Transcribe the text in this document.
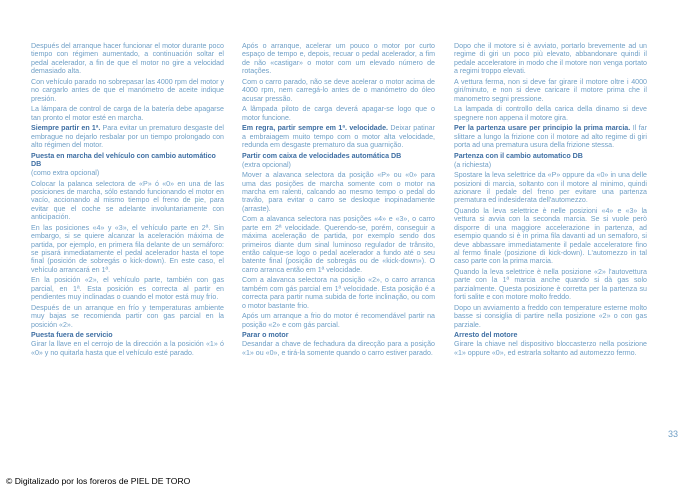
Después del arranque hacer funcionar el motor durante poco tiempo con régimen aumentado, a continuación soltar el pedal acelerador, a fin de que el motor no gire a velocidad demasiado alta.

Con vehículo parado no sobrepasar las 4000 rpm del motor y no cargarlo antes de que el manómetro de aceite indique presión.

La lámpara de control de carga de la batería debe apagarse tan pronto el motor esté en marcha.

Siempre partir en 1ª. Para evitar un prematuro desgaste del embrague no dejarlo resbalar por un tiempo prolongado con alto régimen del motor.

Puesta en marcha del vehículo con cambio automático DB

(como extra opcional)

Colocar la palanca selectora de «P» ó «0» en una de las posiciones de marcha, sólo estando funcionando el motor en vacío, accionando al mismo tiempo el freno de pie, para evitar que el coche se adelante involuntariamente con anticipación.

En las posiciones «4» y «3», el vehículo parte en 2ª. Sin embargo, si se quiere alcanzar la aceleración máxima de partida, por ejemplo, en primera fila delante de un semáforo: se pisará inmediatamente el pedal acelerador hasta el tope final (posición de sobregás o kick-down). En este caso, el vehículo arrancará en 1ª.

En la posición «2», el vehículo parte, también con gas parcial, en 1ª. Esta posición es correcta al partir en pendientes muy inclinadas o cuando el motor está muy frío.

Después de un arranque en frío y temperaturas ambiente muy bajas se recomienda partir con gas parcial en la posición «2».

Puesta fuera de servicio

Girar la llave en el cerrojo de la dirección a la posición «1» ó «0» y no quitarla hasta que el vehículo esté parado.

Após o arranque, acelerar um pouco o motor por curto espaço de tempo e, depois, recuar o pedal acelerador, a fim de não «castigar» o motor com um elevado número de rotações.

Com o carro parado, não se deve acelerar o motor acima de 4000 rpm, nem carregá-lo antes de o manómetro do óleo acusar pressão.

A lâmpada piloto de carga deverá apagar-se logo que o motor funcione.

Em regra, partir sempre em 1ª. velocidade. Deixar patinar a embraiagem muito tempo com o motor alta velocidade, redunda em desgaste prematuro da sua guarnição.

Partir com caixa de velocidades automática DB

(extra opcional)

Mover a alavanca selectora da posição «P» ou «0» para uma das posições de marcha somente com o motor na marcha em ralenti, calcando ao mesmo tempo o pedal do travão, para evitar o carro se desloque inopinadamente (arraste).

Com a alavanca selectora nas posições «4» e «3», o carro parte em 2ª velocidade. Querendo-se, porém, conseguir a máxima aceleração de partida, por exemplo sendo dos primeiros diante dum sinal luminoso regulador de trânsito, então calque-se logo o pedal acelerador a fundo até o seu batente final (posição de sobregás ou de «kick-down»). O carro arranca então em 1ª velocidade.

Com a alavanca selectora na posição «2», o carro arranca também com gás parcial em 1ª velocidade. Esta posição é a correcta para partir numa subida de forte inclinação, ou com o motor bastante frio.

Após um arranque a frio do motor é recomendável partir na posição «2» e com gás parcial.

Parar o motor

Desandar a chave de fechadura da direcção para a posição «1» ou «0», e tirá-la somente quando o carro estiver parado.

Dopo che il motore si è avviato, portarlo brevemente ad un regime di giri un poco più elevato, abbandonare quindi il pedale acceleratore in modo che il motore non venga portato a regimi troppo elevati.

A vettura ferma, non si deve far girare il motore oltre i 4000 giri/minuto, e non si deve caricare il motore prima che il manometro segni pressione.

La lampada di controllo della carica della dinamo si deve spegnere non appena il motore gira.

Per la partenza usare per principio la prima marcia. Il far slittare a lungo la frizione con il motore ad alto regime di giri porta ad una prematura usura della frizione stessa.

Partenza con il cambio automatico DB

(a richiesta)

Spostare la leva selettrice da «P» oppure da «0» in una delle posizioni di marcia, soltanto con il motore al minimo, quindi azionare il pedale del freno per evitare una partenza prematura ed indesiderata dell'automezzo.

Quando la leva selettrice è nelle posizioni «4» e «3» la vettura si avvia con la seconda marcia. Se si vuole però disporre di una maggiore accelerazione in partenza, ad esempio quando si è in prima fila davanti ad un semaforo, si deve abbassare immediatamente il pedale acceleratore fino al fermo finale (posizione di kick-down). L'automezzo in tal caso parte con la prima marcia.

Quando la leva selettrice è nella posizione «2» l'autovettura parte con la 1ª marcia anche quando si dà gas solo parzialmente. Questa posizione è corretta per la partenza su forti salite e con motore molto freddo.

Dopo un avviamento a freddo con temperature esterne molto basse si consiglia di partire nella posizione «2» o con gas parziale.

Arresto del motore

Girare la chiave nel dispositivo bloccasterzo nella posizione «1» oppure «0», ed estrarla soltanto ad automezzo fermo.

33
© Digitalizado por los foreros de PIEL DE TORO
